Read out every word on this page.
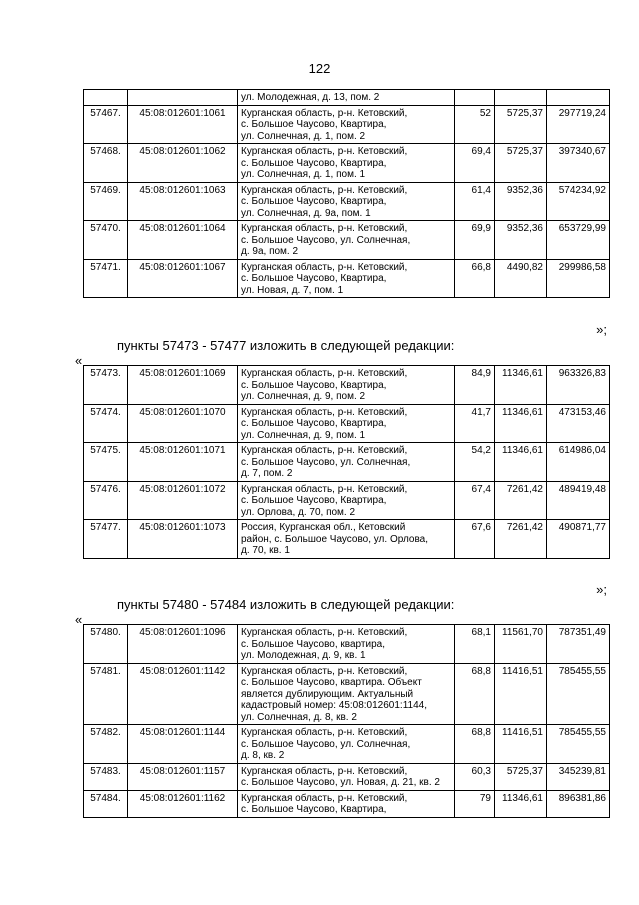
122

		ул. Молодежная, д. 13, пом. 2			

57467.	45:08:012601:1061	Курганская область, р-н. Кетовский,
с. Большое Чаусово, Квартира,
ул. Солнечная, д. 1, пом. 2	52	5725,37	297719,24
57468.	45:08:012601:1062	Курганская область, р-н. Кетовский,
с. Большое Чаусово, Квартира,
ул. Солнечная, д. 1, пом. 1	69,4	5725,37	397340,67
57469.	45:08:012601:1063	Курганская область, р-н. Кетовский,
с. Большое Чаусово, Квартира,
ул. Солнечная, д. 9а, пом. 1	61,4	9352,36	574234,92
57470.	45:08:012601:1064	Курганская область, р-н. Кетовский,
с. Большое Чаусово, ул. Солнечная,
д. 9а, пом. 2	69,9	9352,36	653729,99
57471.	45:08:012601:1067	Курганская область, р-н. Кетовский,
с. Большое Чаусово, Квартира,
ул. Новая, д. 7, пом. 1	66,8	4490,82	299986,58
»;
пункты 57473 - 57477 изложить в следующей редакции:
«
57473.	45:08:012601:1069	Курганская область, р-н. Кетовский,
с. Большое Чаусово, Квартира,
ул. Солнечная, д. 9, пом. 2	84,9	11346,61	963326,83
57474.	45:08:012601:1070	Курганская область, р-н. Кетовский,
с. Большое Чаусово, Квартира,
ул. Солнечная, д. 9, пом. 1	41,7	11346,61	473153,46
57475.	45:08:012601:1071	Курганская область, р-н. Кетовский,
с. Большое Чаусово, ул. Солнечная,
д. 7, пом. 2	54,2	11346,61	614986,04
57476.	45:08:012601:1072	Курганская область, р-н. Кетовский,
с. Большое Чаусово, Квартира,
ул. Орлова, д. 70, пом. 2	67,4	7261,42	489419,48
57477.	45:08:012601:1073	Россия, Курганская обл., Кетовский
район, с. Большое Чаусово, ул. Орлова,
д. 70, кв. 1	67,6	7261,42	490871,77
»;
пункты 57480 - 57484 изложить в следующей редакции:
«
57480.	45:08:012601:1096	Курганская область, р-н. Кетовский,
с. Большое Чаусово, квартира,
ул. Молодежная, д. 9, кв. 1	68,1	11561,70	787351,49
57481.	45:08:012601:1142	Курганская область, р-н. Кетовский,
с. Большое Чаусово, квартира. Объект
является дублирующим. Актуальный
кадастровый номер: 45:08:012601:1144,
ул. Солнечная, д. 8, кв. 2	68,8	11416,51	785455,55
57482.	45:08:012601:1144	Курганская область, р-н. Кетовский,
с. Большое Чаусово, ул. Солнечная,
д. 8, кв. 2	68,8	11416,51	785455,55
57483.	45:08:012601:1157	Курганская область, р-н. Кетовский,
с. Большое Чаусово, ул. Новая, д. 21, кв. 2	60,3	5725,37	345239,81
57484.	45:08:012601:1162	Курганская область, р-н. Кетовский,
с. Большое Чаусово, Квартира,	79	11346,61	896381,86
